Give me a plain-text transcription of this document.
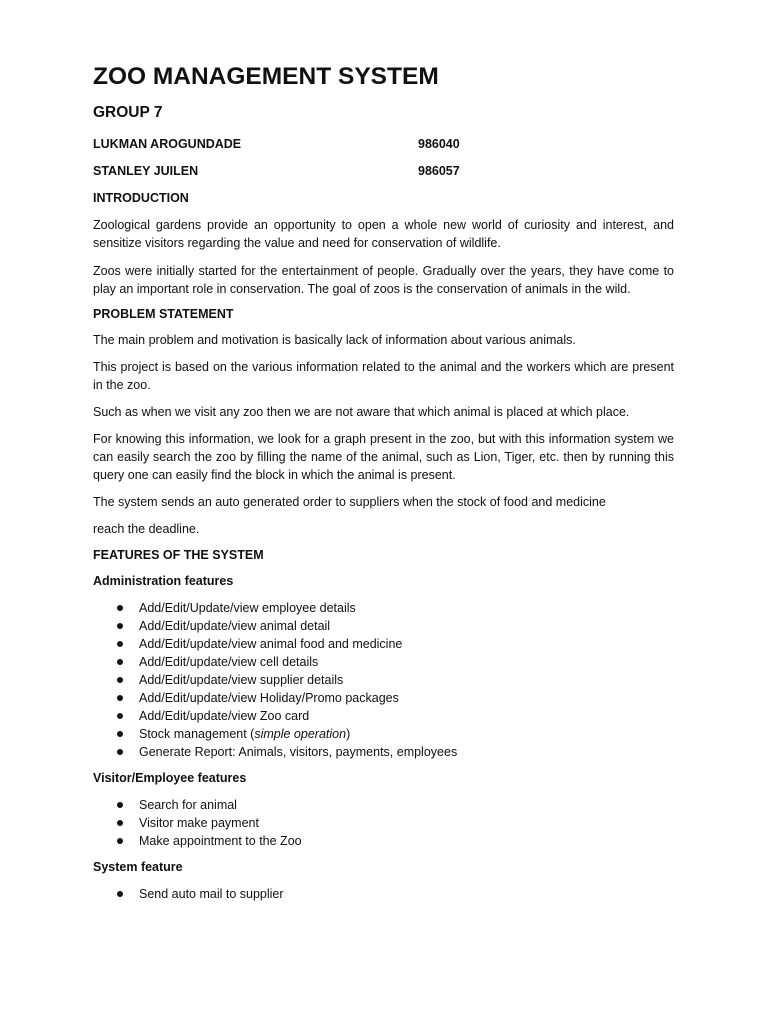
ZOO MANAGEMENT SYSTEM
GROUP 7
LUKMAN AROGUNDADE	986040
STANLEY JUILEN	986057
INTRODUCTION

Zoological gardens provide an opportunity to open a whole new world of curiosity and interest, and sensitize visitors regarding the value and need for conservation of wildlife.

Zoos were initially started for the entertainment of people. Gradually over the years, they have come to play an important role in conservation. The goal of zoos is the conservation of animals in the wild.

PROBLEM STATEMENT

The main problem and motivation is basically lack of information about various animals.

This project is based on the various information related to the animal and the workers which are present in the zoo.

Such as when we visit any zoo then we are not aware that which animal is placed at which place.

For knowing this information, we look for a graph present in the zoo, but with this information system we can easily search the zoo by filling the name of the animal, such as Lion, Tiger, etc. then by running this query one can easily find the block in which the animal is present.

The system sends an auto generated order to suppliers when the stock of food and medicine

reach the deadline.

FEATURES OF THE SYSTEM
Administration features
Add/Edit/Update/view employee details
Add/Edit/update/view animal detail
Add/Edit/update/view animal food and medicine
Add/Edit/update/view cell details
Add/Edit/update/view supplier details
Add/Edit/update/view Holiday/Promo packages
Add/Edit/update/view Zoo card
Stock management (simple operation)
Generate Report: Animals, visitors, payments, employees
Visitor/Employee features
Search for animal
Visitor make payment
Make appointment to the Zoo
System feature
Send auto mail to supplier
